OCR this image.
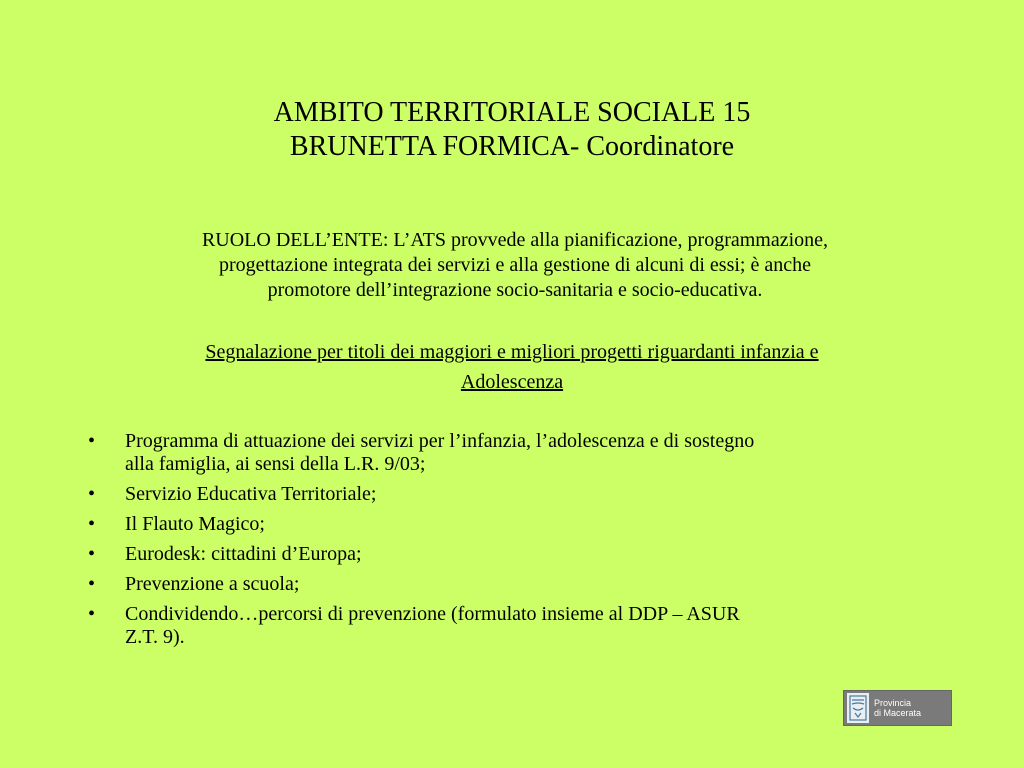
AMBITO TERRITORIALE SOCIALE 15
BRUNETTA FORMICA- Coordinatore
RUOLO DELL’ENTE: L’ATS provvede alla pianificazione, programmazione,
progettazione integrata dei servizi e alla gestione di alcuni di essi; è anche
promotore dell’integrazione socio-sanitaria e socio-educativa.
Segnalazione per titoli dei maggiori e migliori progetti riguardanti infanzia e
Adolescenza
•	Programma di attuazione dei servizi per l’infanzia, l’adolescenza e di sostegno
alla famiglia, ai sensi della L.R. 9/03;
•	Servizio Educativa Territoriale;
•	Il Flauto Magico;
•	Eurodesk: cittadini d’Europa;
•	Prevenzione a scuola;
•	Condividendo…percorsi di prevenzione (formulato insieme al DDP – ASUR
Z.T. 9).
Provincia
di Macerata
